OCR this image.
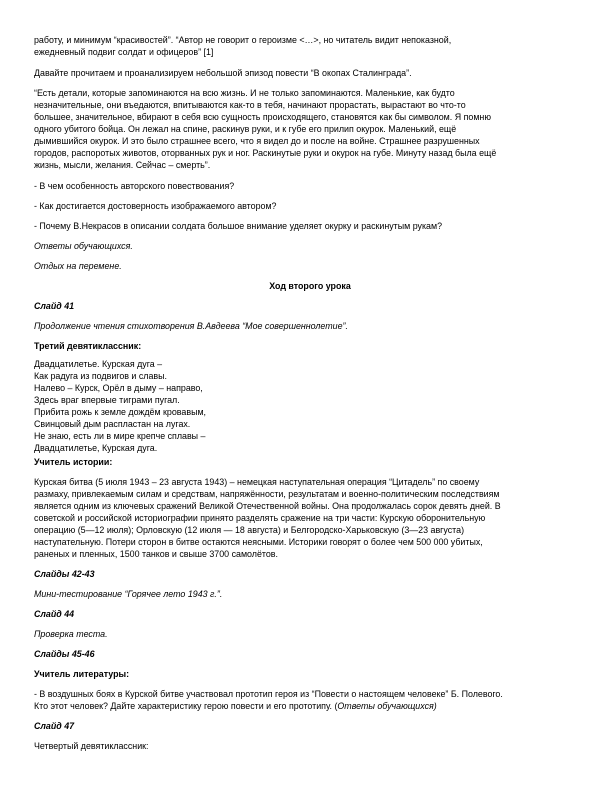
работу, и минимум “красивостей”. “Автор не говорит о героизме <…>, но читатель видит непоказной,
ежедневный подвиг солдат и офицеров” [1]
Давайте прочитаем и проанализируем небольшой эпизод повести “В окопах Сталинграда”.
“Есть детали, которые запоминаются на всю жизнь. И не только запоминаются. Маленькие, как будто
незначительные, они въедаются, впитываются как-то в тебя, начинают прорастать, вырастают во что-то
большее, значительное, вбирают в себя всю сущность происходящего, становятся как бы символом. Я помню
одного убитого бойца. Он лежал на спине, раскинув руки, и к губе его прилип окурок. Маленький, ещё
дымившийся окурок. И это было страшнее всего, что я видел до и после на войне. Страшнее разрушенных
городов, распоротых животов, оторванных рук и ног. Раскинутые руки и окурок на губе. Минуту назад была ещё
жизнь, мысли, желания. Сейчас – смерть”.
- В чем особенность авторского повествования?
- Как достигается достоверность изображаемого автором?
- Почему В.Некрасов в описании солдата большое внимание уделяет окурку и раскинутым рукам?
Ответы обучающихся.
Отдых на перемене.
Ход второго урока
Слайд 41
Продолжение чтения стихотворения В.Авдеева “Мое совершеннолетие”.
Третий девятиклассник:
Двадцатилетье. Курская дуга –
Как радуга из подвигов и славы.
Налево – Курск, Орёл в дыму – направо,
Здесь враг впервые тиграми пугал.
Прибита рожь к земле дождём кровавым,
Свинцовый дым распластан на лугах.
Не знаю, есть ли в мире крепче сплавы –
Двадцатилетье, Курская дуга.
Учитель истории:
Курская битва (5 июля 1943 – 23 августа 1943) – немецкая наступательная операция “Цитадель” по своему
размаху, привлекаемым силам и средствам, напряжённости, результатам и военно-политическим последствиям
является одним из ключевых сражений Великой Отечественной войны. Она продолжалась сорок девять дней. В
советской и российской историографии принято разделять сражение на три части: Курскую оборонительную
операцию (5—12 июля); Орловскую (12 июля — 18 августа) и Белгородско-Харьковскую (3—23 августа)
наступательную. Потери сторон в битве остаются неясными. Историки говорят о более чем 500 000 убитых,
раненых и пленных, 1500 танков и свыше 3700 самолётов.
Слайды 42-43
Мини-тестирование “Горячее лето 1943 г.”.
Слайд 44
Проверка теста.
Слайды 45-46
Учитель литературы:
- В воздушных боях в Курской битве участвовал прототип героя из “Повести о настоящем человеке” Б. Полевого.
Кто этот человек? Дайте характеристику герою повести и его прототипу. (Ответы обучающихся)
Слайд 47
Четвертый девятиклассник:
